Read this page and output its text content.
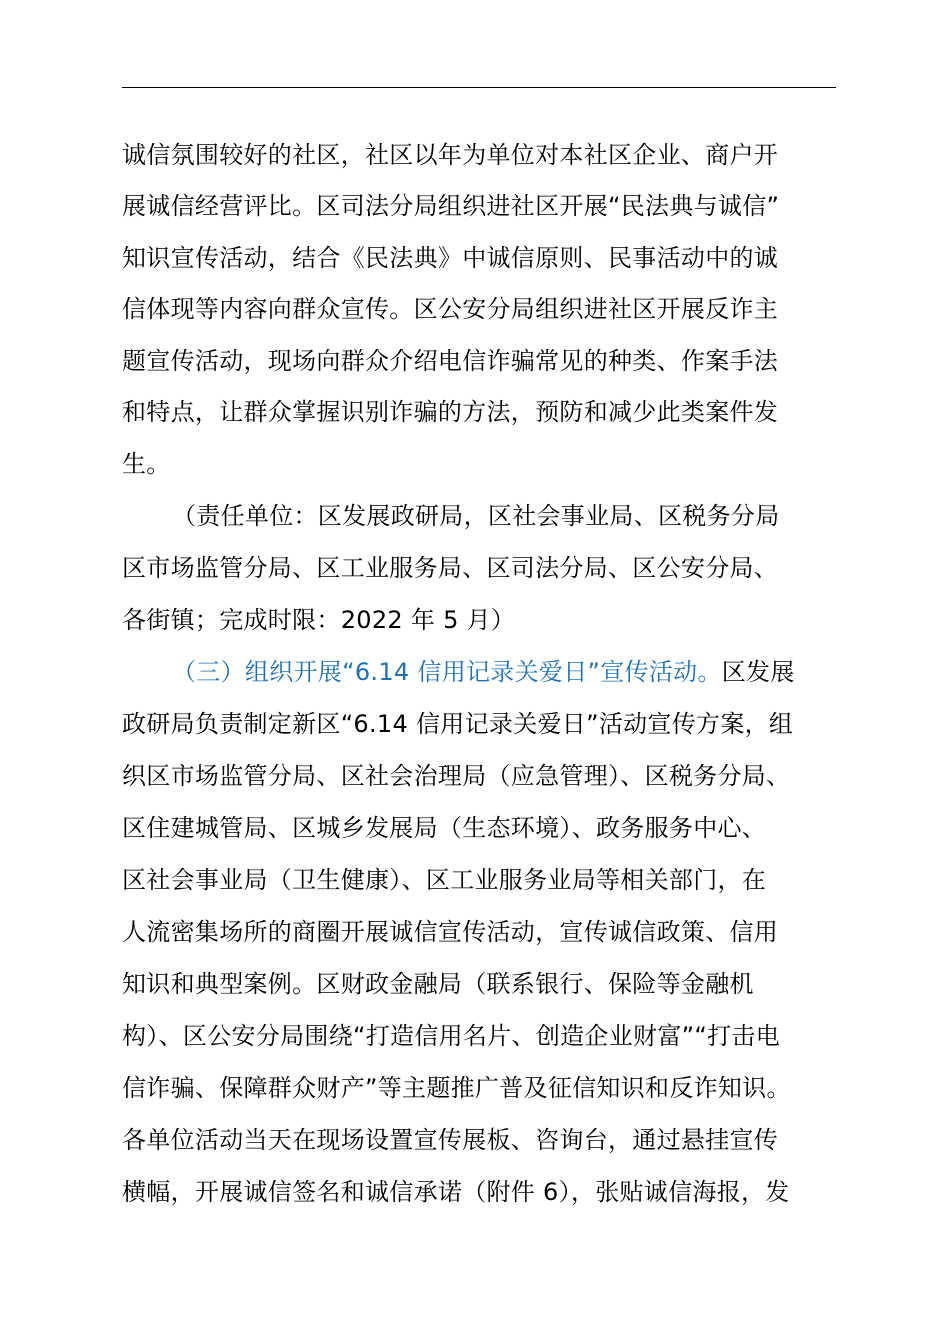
诚信氛围较好的社区，社区以年为单位对本社区企业、商户开
展诚信经营评比。区司法分局组织进社区开展“民法典与诚信”
知识宣传活动，结合《民法典》中诚信原则、民事活动中的诚
信体现等内容向群众宣传。区公安分局组织进社区开展反诈主
题宣传活动，现场向群众介绍电信诈骗常见的种类、作案手法
和特点，让群众掌握识别诈骗的方法，预防和减少此类案件发
生。
（责任单位：区发展政研局，区社会事业局、区税务分局
区市场监管分局、区工业服务局、区司法分局、区公安分局、
各街镇；完成时限：2022 年 5 月）
（三）组织开展“6.14 信用记录关爱日”宣传活动。区发展
政研局负责制定新区“6.14 信用记录关爱日”活动宣传方案，组
织区市场监管分局、区社会治理局（应急管理）、区税务分局、
区住建城管局、区城乡发展局（生态环境）、政务服务中心、
区社会事业局（卫生健康）、区工业服务业局等相关部门，在
人流密集场所的商圈开展诚信宣传活动，宣传诚信政策、信用
知识和典型案例。区财政金融局（联系银行、保险等金融机
构）、区公安分局围绕“打造信用名片、创造企业财富”“打击电
信诈骗、保障群众财产”等主题推广普及征信知识和反诈知识。
各单位活动当天在现场设置宣传展板、咨询台，通过悬挂宣传
横幅，开展诚信签名和诚信承诺（附件 6），张贴诚信海报，发
